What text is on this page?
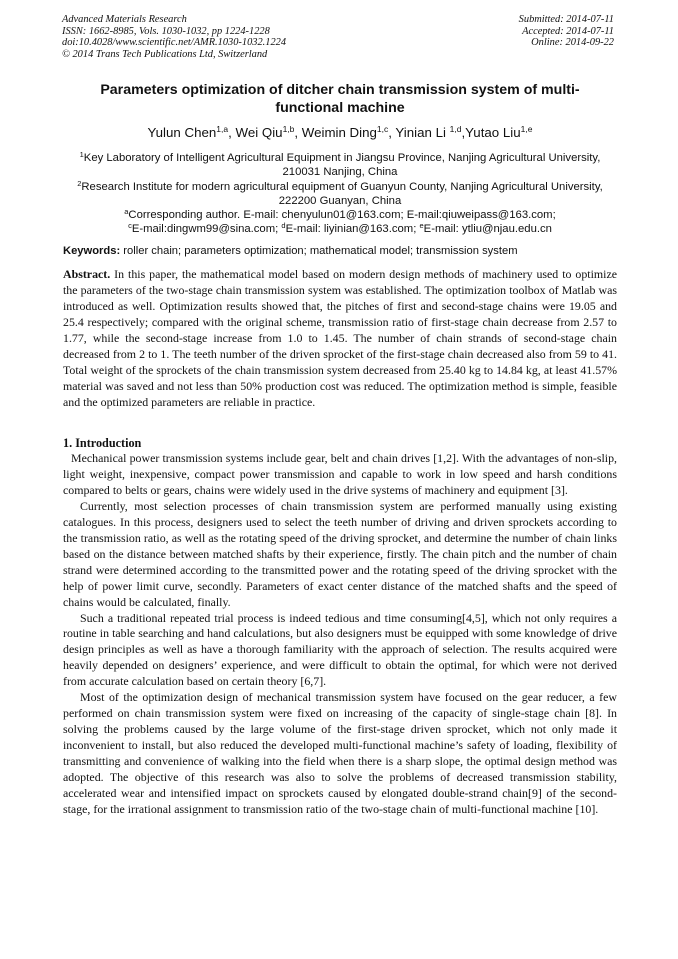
Advanced Materials Research
ISSN: 1662-8985, Vols. 1030-1032, pp 1224-1228
doi:10.4028/www.scientific.net/AMR.1030-1032.1224
© 2014 Trans Tech Publications Ltd, Switzerland
Submitted: 2014-07-11
Accepted: 2014-07-11
Online: 2014-09-22
Parameters optimization of ditcher chain transmission system of multi-functional machine
Yulun Chen$^{1,a}$, Wei Qiu$^{1,b}$, Weimin Ding$^{1,c}$, Yinian Li $^{1,d}$,Yutao Liu$^{1,e}$
$^1$Key Laboratory of Intelligent Agricultural Equipment in Jiangsu Province, Nanjing Agricultural University, 210031 Nanjing, China
$^2$Research Institute for modern agricultural equipment of Guanyun County, Nanjing Agricultural University, 222200 Guanyan, China
$^a$Corresponding author. E-mail: chenyulun01@163.com; E-mail:qiuweipass@163.com;
$^c$E-mail:dingwm99@sina.com; $^d$E-mail: liyinian@163.com; $^e$E-mail: ytliu@njau.edu.cn
Keywords: roller chain; parameters optimization; mathematical model; transmission system
Abstract. In this paper, the mathematical model based on modern design methods of machinery used to optimize the parameters of the two-stage chain transmission system was established. The optimization toolbox of Matlab was introduced as well. Optimization results showed that, the pitches of first and second-stage chains were 19.05 and 25.4 respectively; compared with the original scheme, transmission ratio of first-stage chain decrease from 2.57 to 1.77, while the second-stage increase from 1.0 to 1.45. The number of chain strands of second-stage chain decreased from 2 to 1. The teeth number of the driven sprocket of the first-stage chain decreased also from 59 to 41. Total weight of the sprockets of the chain transmission system decreased from 25.40 kg to 14.84 kg, at least 41.57% material was saved and not less than 50% production cost was reduced. The optimization method is simple, feasible and the optimized parameters are reliable in practice.
1. Introduction

Mechanical power transmission systems include gear, belt and chain drives [1,2]. With the advantages of non-slip, light weight, inexpensive, compact power transmission and capable to work in low speed and harsh conditions compared to belts or gears, chains were widely used in the drive systems of machinery and equipment [3].

Currently, most selection processes of chain transmission system are performed manually using existing catalogues. In this process, designers used to select the teeth number of driving and driven sprockets according to the transmission ratio, as well as the rotating speed of the driving sprocket, and determine the number of chain links based on the distance between matched shafts by their experience, firstly. The chain pitch and the number of chain strand were determined according to the transmitted power and the rotating speed of the driving sprocket with the help of power limit curve, secondly. Parameters of exact center distance of the matched shafts and the speed of chains would be calculated, finally.

Such a traditional repeated trial process is indeed tedious and time consuming[4,5], which not only requires a routine in table searching and hand calculations, but also designers must be equipped with some knowledge of drive design principles as well as have a thorough familiarity with the approach of selection. The results acquired were heavily depended on designers’ experience, and were difficult to obtain the optimal, for which were not derived from accurate calculation based on certain theory [6,7].

Most of the optimization design of mechanical transmission system have focused on the gear reducer, a few performed on chain transmission system were fixed on increasing of the capacity of single-stage chain [8]. In solving the problems caused by the large volume of the first-stage driven sprocket, which not only made it inconvenient to install, but also reduced the developed multi-functional machine’s safety of loading, flexibility of transmitting and convenience of walking into the field when there is a sharp slope, the optimal design method was adopted. The objective of this research was also to solve the problems of decreased transmission stability, accelerated wear and intensified impact on sprockets caused by elongated double-strand chain[9] of the second-stage, for the irrational assignment to transmission ratio of the two-stage chain of multi-functional machine [10].
